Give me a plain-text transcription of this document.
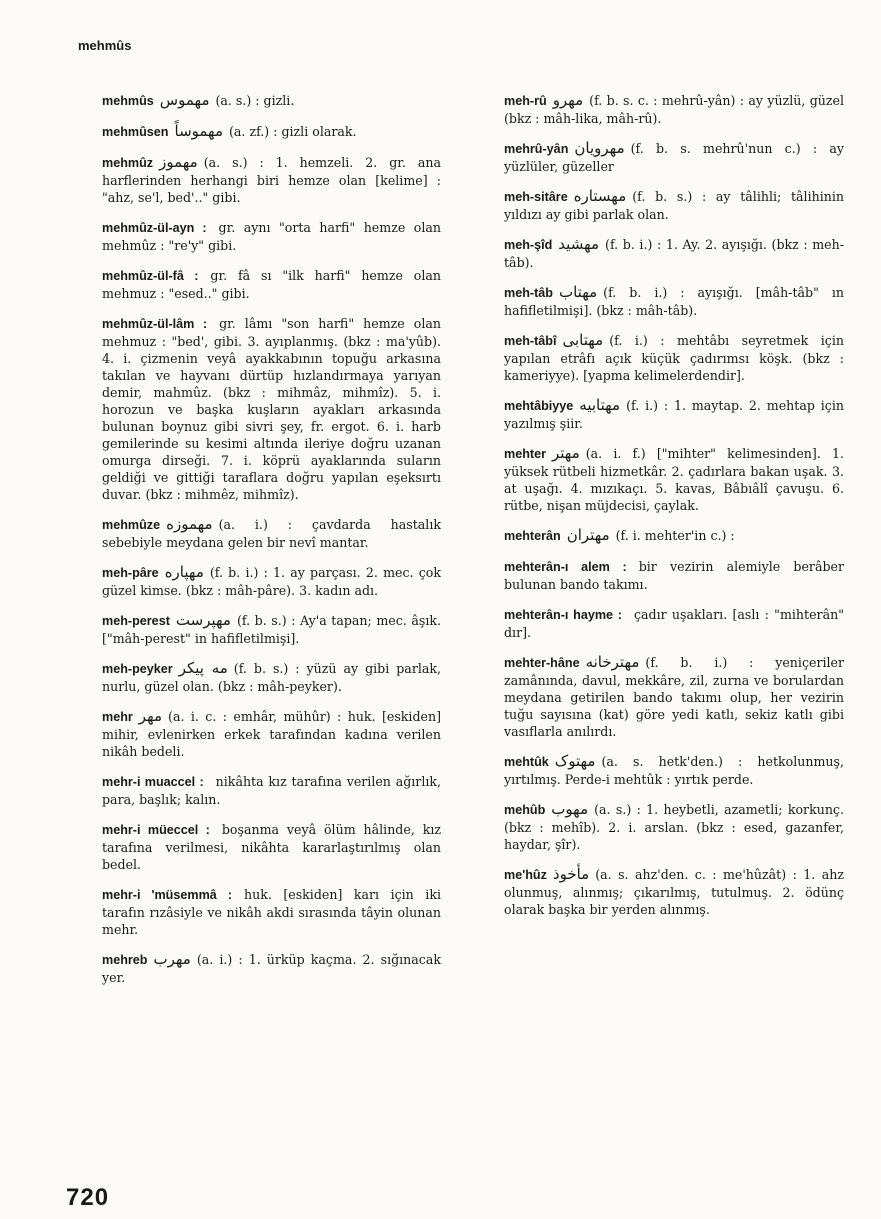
mehmûs
mehmûs مهموس (a. s.) : gizli.
mehmûsen مهموساً (a. zf.) : gizli olarak.
mehmûz مهموز (a. s.) : 1. hemzeli. 2. gr. ana harflerinden herhangi biri hemze olan [kelime] : "ahz, se'l, bed'.." gibi.
mehmûz-ül-ayn : gr. aynı "orta harfi" hemze olan mehmûz : "re'y" gibi.
mehmûz-ül-fâ : gr. fâ sı "ilk harfi" hemze olan mehmuz : "esed.." gibi.
mehmûz-ül-lâm : gr. lâmı "son harfi" hemze olan mehmuz : "bed', gibi. 3. ayıplanmış. (bkz : ma'yûb). 4. i. çizmenin veyâ ayakkabının topuğu arkasına takılan ve hayvanı dürtüp hızlandırmaya yarıyan demir, mahmûz. (bkz : mihmâz, mihmîz). 5. i. horozun ve başka kuşların ayakları arkasında bulunan boynuz gibi sivri şey, fr. ergot. 6. i. harb gemilerinde su kesimi altında ileriye doğru uzanan omurga dirseği. 7. i. köprü ayaklarında suların geldiği ve gittiği taraflara doğru yapılan eşeksırtı duvar. (bkz : mihmêz, mihmîz).
mehmûze مهموزه (a. i.) : çavdarda hastalık sebebiyle meydana gelen bir nevî mantar.
meh-pâre مهپاره (f. b. i.) : 1. ay parçası. 2. mec. çok güzel kimse. (bkz : mâh-pâre). 3. kadın adı.
meh-perest مهپرست (f. b. s.) : Ay'a tapan; mec. âşık. ["mâh-perest" in hafifletilmişi].
meh-peyker مه پیکر (f. b. s.) : yüzü ay gibi parlak, nurlu, güzel olan. (bkz : mâh-peyker).
mehr مهر (a. i. c. : emhâr, mühûr) : huk. [eskiden] mihir, evlenirken erkek tarafından kadına verilen nikâh bedeli.
mehr-i muaccel : nikâhta kız tarafına verilen ağırlık, para, başlık; kalın.
mehr-i müeccel : boşanma veyâ ölüm hâlinde, kız tarafına verilmesi, nikâhta kararlaştırılmış olan bedel.
mehr-i 'müsemmâ : huk. [eskiden] karı için iki tarafın rızâsiyle ve nikâh akdi sırasında tâyin olunan mehr.
mehreb مهرب (a. i.) : 1. ürküp kaçma. 2. sığınacak yer.
meh-rû مهرو (f. b. s. c. : mehrû-yân) : ay yüzlü, güzel (bkz : mâh-lika, mâh-rû).
mehrû-yân مهرویان (f. b. s. mehrû'nun c.) : ay yüzlüler, güzeller
meh-sitâre مهستاره (f. b. s.) : ay tâlihli; tâlihinin yıldızı ay gibi parlak olan.
meh-şîd مهشید (f. b. i.) : 1. Ay. 2. ayışığı. (bkz : meh-tâb).
meh-tâb مهتاب (f. b. i.) : ayışığı. [mâh-tâb" ın hafifletilmişi]. (bkz : mâh-tâb).
meh-tâbî مهتابی (f. i.) : mehtâbı seyretmek için yapılan etrâfı açık küçük çadırımsı köşk. (bkz : kameriyye). [yapma kelimelerdendir].
mehtâbiyye مهتابیه (f. i.) : 1. maytap. 2. mehtap için yazılmış şiir.
mehter مهتر (a. i. f.) ["mihter" kelimesinden]. 1. yüksek rütbeli hizmetkâr. 2. çadırlara bakan uşak. 3. at uşağı. 4. mızıkaçı. 5. kavas, Bâbıâlî çavuşu. 6. rütbe, nişan müjdecisi, çaylak.
mehterân مهتران (f. i. mehter'in c.) :
mehterân-ı alem : bir vezirin alemiyle berâber bulunan bando takımı.
mehterân-ı hayme : çadır uşakları. [aslı : "mihterân" dır].
mehter-hâne مهترخانه (f. b. i.) : yeniçeriler zamânında, davul, mekkâre, zil, zurna ve borulardan meydana getirilen bando takımı olup, her vezirin tuğu sayısına (kat) göre yedi katlı, sekiz katlı gibi vasıflarla anılırdı.
mehtûk مهتوک (a. s. hetk'den.) : hetkolunmuş, yırtılmış. Perde-i mehtûk : yırtık perde.
mehûb مهوب (a. s.) : 1. heybetli, azametli; korkunç. (bkz : mehîb). 2. i. arslan. (bkz : esed, gazanfer, haydar, şîr).
me'hûz مأخوذ (a. s. ahz'den. c. : me'hûzât) : 1. ahz olunmuş, alınmış; çıkarılmış, tutulmuş. 2. ödünç olarak başka bir yerden alınmış.
720
